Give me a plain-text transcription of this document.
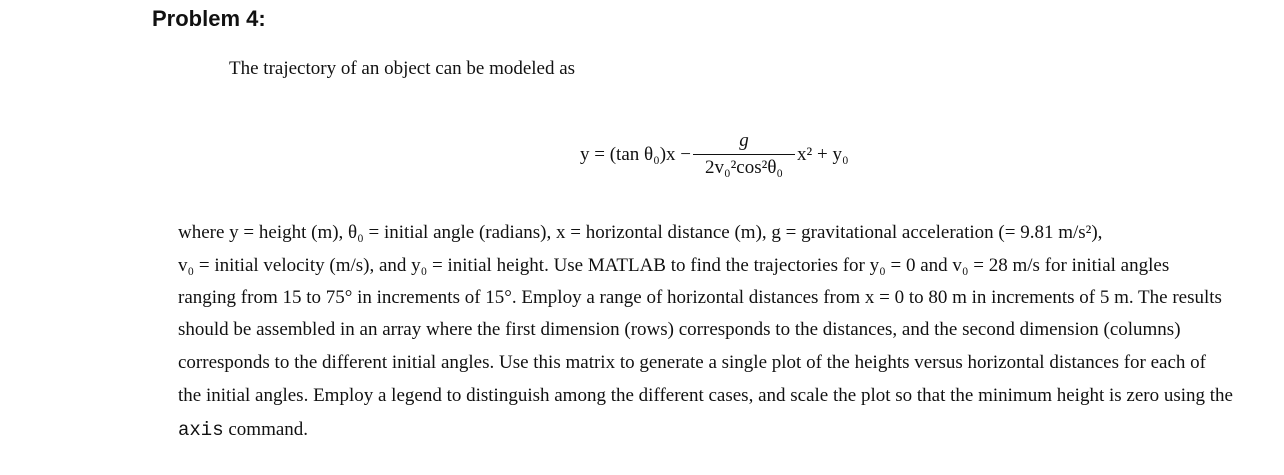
Problem 4:
The trajectory of an object can be modeled as
y = (tan $\theta_0)x - \frac{g}{\text{2v₀²cos²θ₀}} x^2 + y_0$
where y = height (m), θ₀ = initial angle (radians), x = horizontal distance (m), g = gravitational acceleration (= 9.81 m/s²),
v₀ = initial velocity (m/s), and y₀ = initial height. Use MATLAB to find the trajectories for y₀ = 0 and v₀ = 28 m/s for initial angles
ranging from 15 to 75° in increments of 15°. Employ a range of horizontal distances from x = 0 to 80 m in increments of 5 m. The results
should be assembled in an array where the first dimension (rows) corresponds to the distances, and the second dimension (columns)
corresponds to the different initial angles. Use this matrix to generate a single plot of the heights versus horizontal distances for each of
the initial angles. Employ a legend to distinguish among the different cases, and scale the plot so that the minimum height is zero using the
axis command.
